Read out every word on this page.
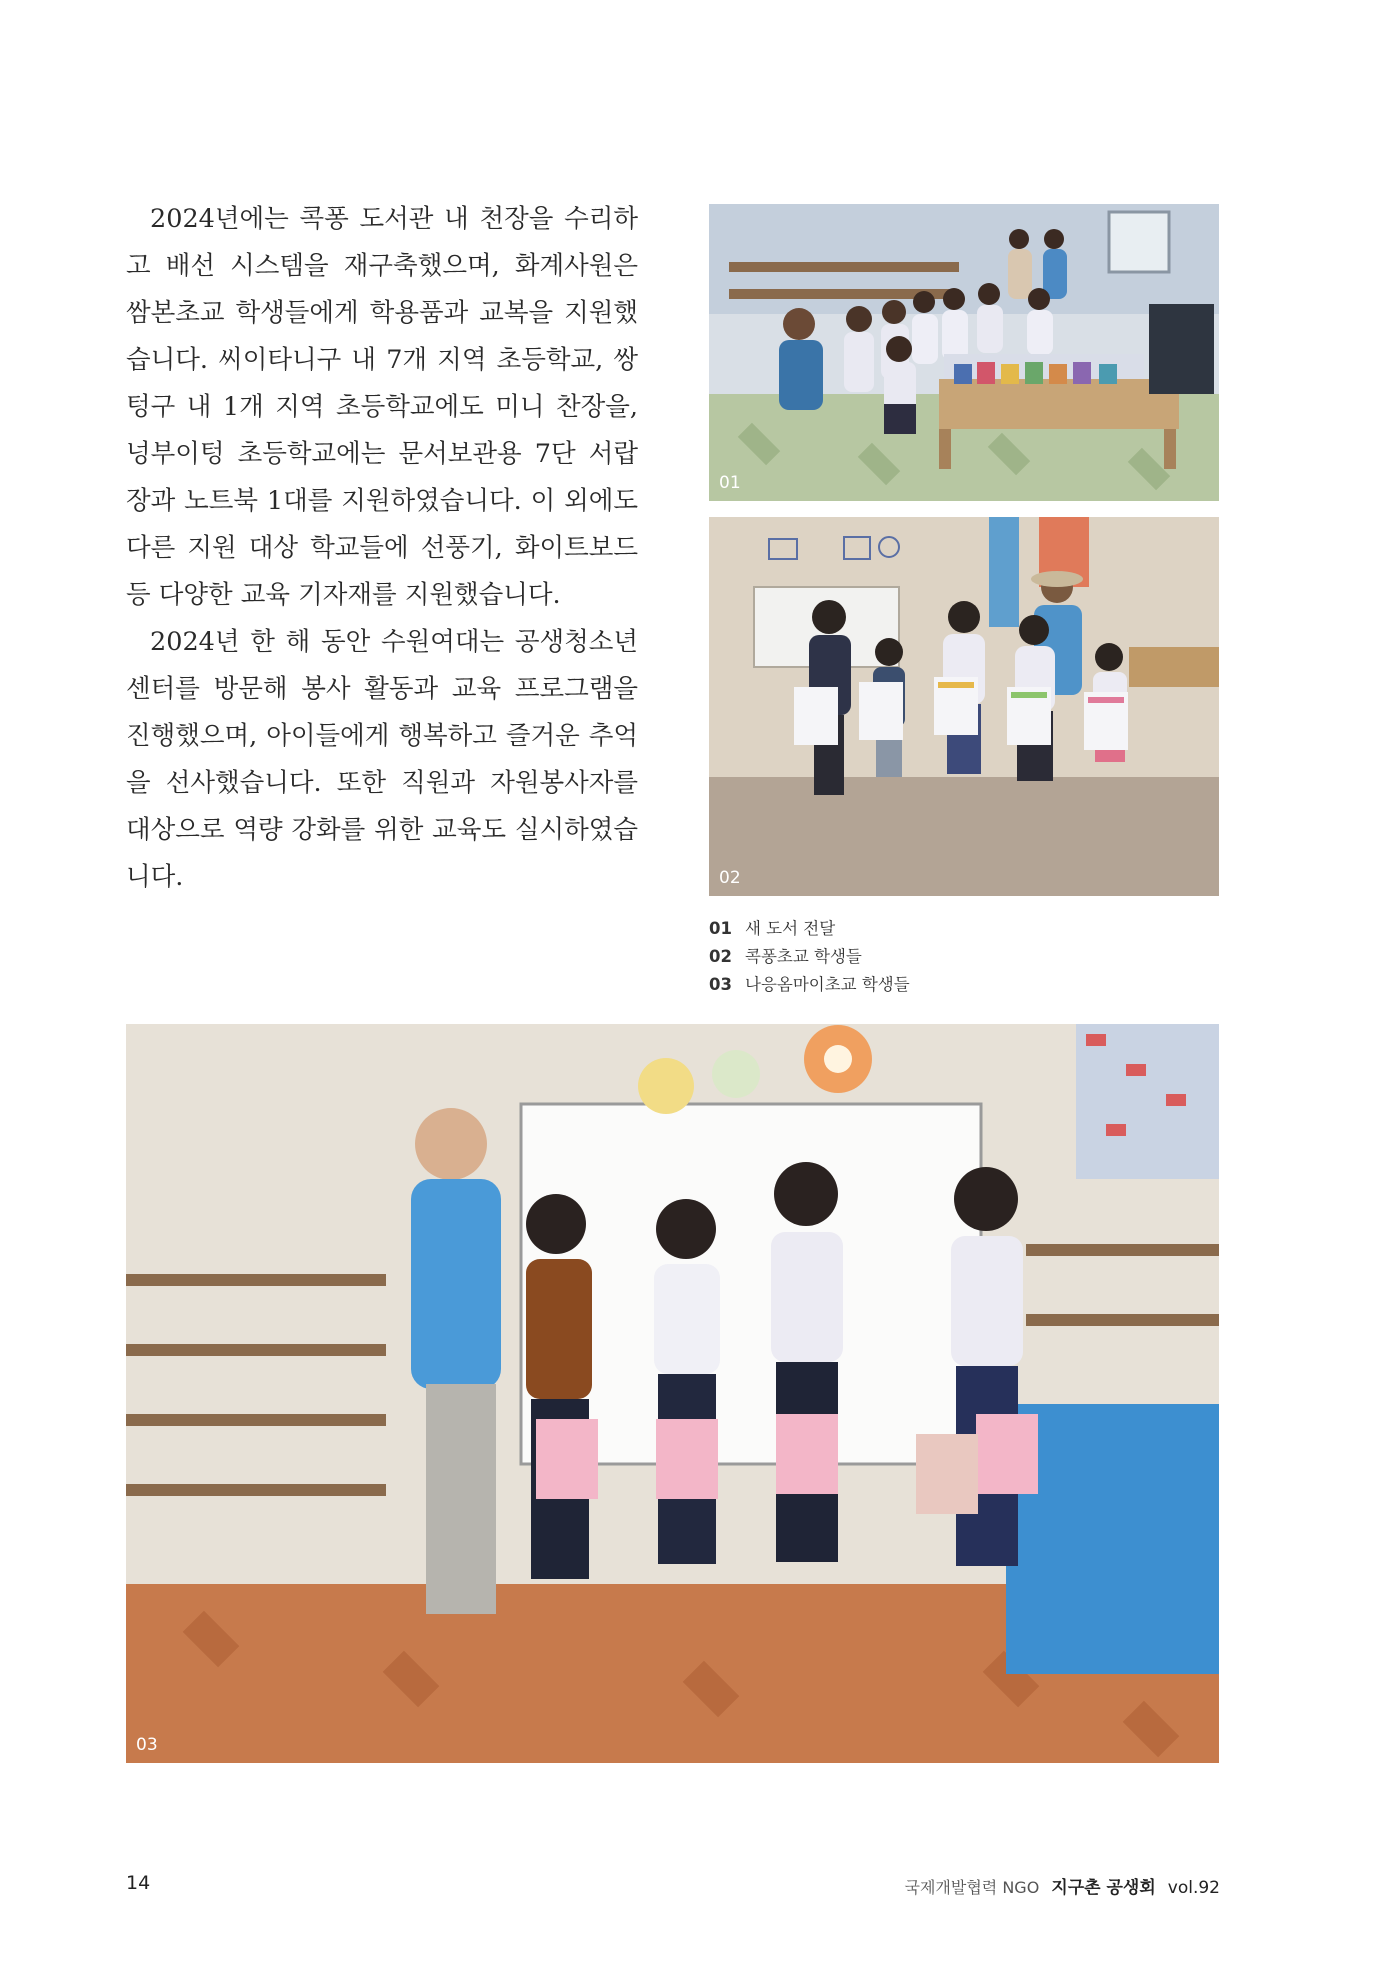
2024년에는 콕퐁 도서관 내 천장을 수리하고 배선 시스템을 재구축했으며, 화계사원은 쌈본초교 학생들에게 학용품과 교복을 지원했습니다. 씨이타니구 내 7개 지역 초등학교, 쌍텅구 내 1개 지역 초등학교에도 미니 찬장을, 넝부이텅 초등학교에는 문서보관용 7단 서랍장과 노트북 1대를 지원하였습니다. 이 외에도 다른 지원 대상 학교들에 선풍기, 화이트보드 등 다양한 교육 기자재를 지원했습니다.

2024년 한 해 동안 수원여대는 공생청소년센터를 방문해 봉사 활동과 교육 프로그램을 진행했으며, 아이들에게 행복하고 즐거운 추억을 선사했습니다. 또한 직원과 자원봉사자를 대상으로 역량 강화를 위한 교육도 실시하였습니다.

01
02
01 새 도서 전달
02 콕퐁초교 학생들
03 나응옴마이초교 학생들
03
14	국제개발협력 NGO 지구촌 공생회 vol.92
